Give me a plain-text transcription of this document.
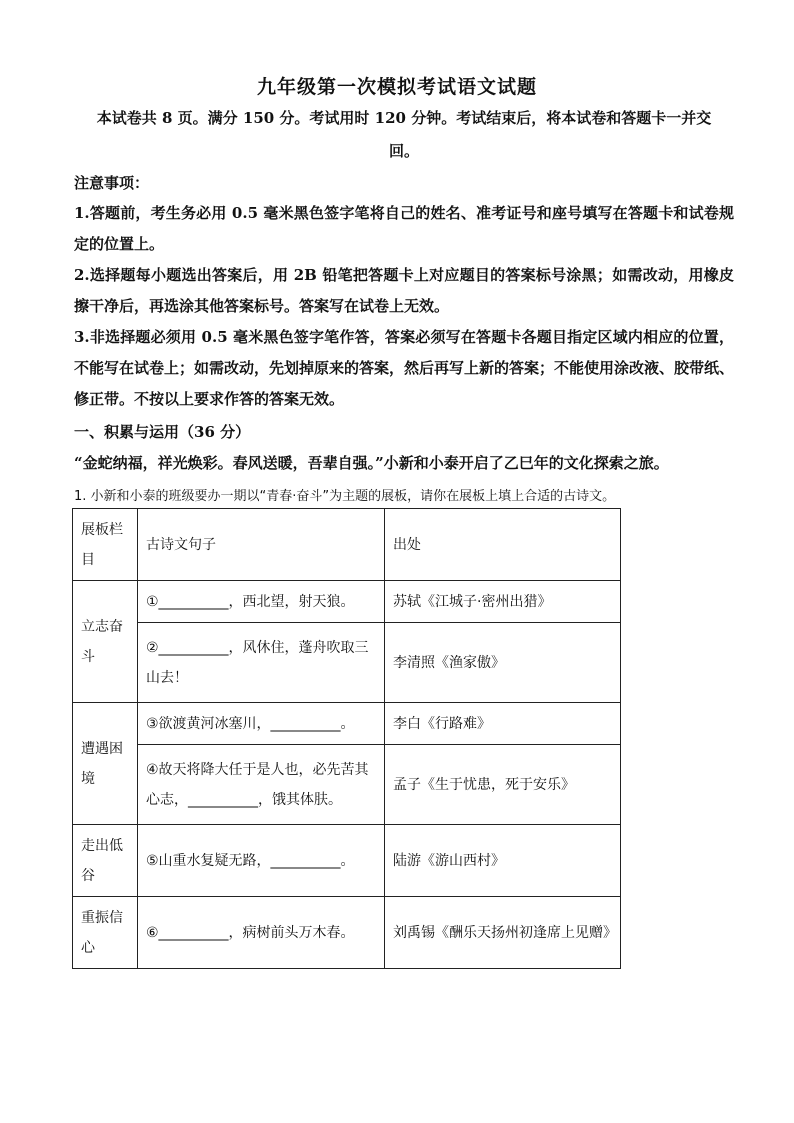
九年级第一次模拟考试语文试题
本试卷共 8 页。满分 150 分。考试用时 120 分钟。考试结束后，将本试卷和答题卡一并交
回。
注意事项：
1.答题前，考生务必用 0.5 毫米黑色签字笔将自己的姓名、准考证号和座号填写在答题卡和试卷规定的位置上。
2.选择题每小题选出答案后，用 2B 铅笔把答题卡上对应题目的答案标号涂黑；如需改动，用橡皮擦干净后，再选涂其他答案标号。答案写在试卷上无效。
3.非选择题必须用 0.5 毫米黑色签字笔作答，答案必须写在答题卡各题目指定区域内相应的位置，不能写在试卷上；如需改动，先划掉原来的答案，然后再写上新的答案；不能使用涂改液、胶带纸、修正带。不按以上要求作答的答案无效。
一、积累与运用（36 分）
“金蛇纳福，祥光焕彩。春风送暖，吾辈自强。”小新和小泰开启了乙巳年的文化探索之旅。
1. 小新和小泰的班级要办一期以“青春·奋斗”为主题的展板，请你在展板上填上合适的古诗文。
展板栏目	古诗文句子	出处
立志奋斗	①__________，西北望，射天狼。	苏轼《江城子·密州出猎》
	②__________，风休住，蓬舟吹取三山去！	李清照《渔家傲》
遭遇困境	③欲渡黄河冰塞川，__________。	李白《行路难》
	④故天将降大任于是人也，必先苦其心志，__________，饿其体肤。	孟子《生于忧患，死于安乐》
走出低谷	⑤山重水复疑无路，__________。	陆游《游山西村》
重振信心	⑥__________，病树前头万木春。	刘禹锡《酬乐天扬州初逢席上见赠》
